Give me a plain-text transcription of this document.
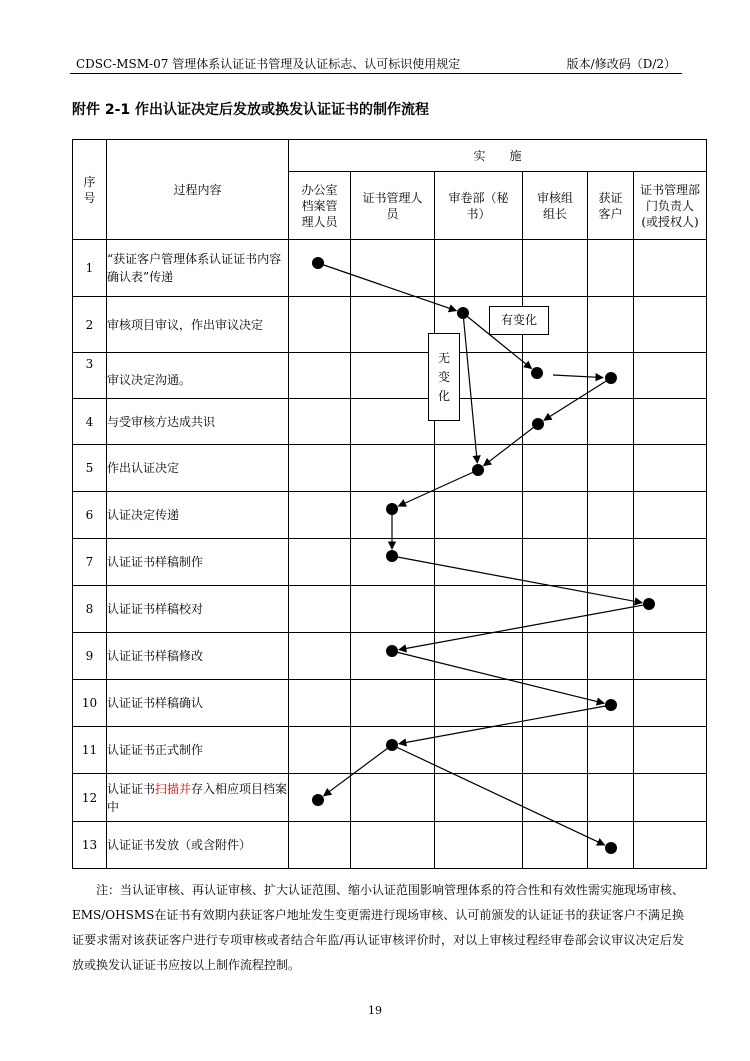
CDSC-MSM-07 管理体系认证证书管理及认证标志、认可标识使用规定	版本/修改码（D/2）
附件 2-1 作出认证决定后发放或换发认证证书的制作流程
序号	过程内容	实　　施					
		办公室档案管理人员	证书管理人员	审卷部（秘书）	审核组组长	获证客户	证书管理部门负责人(或授权人)
1	“获证客户管理体系认证证书内容确认表”传递						
2	审核项目审议，作出审议决定						
3	审议决定沟通。						
4	与受审核方达成共识						
5	作出认证决定						
6	认证决定传递						
7	认证证书样稿制作						
8	认证证书样稿校对						
9	认证证书样稿修改						
10	认证证书样稿确认						
11	认证证书正式制作						
12	认证证书扫描并存入相应项目档案中						
13	认证证书发放（或含附件）						
有变化
无
变
化
注：当认证审核、再认证审核、扩大认证范围、缩小认证范围影响管理体系的符合性和有效性需实施现场审核、EMS/OHSMS在证书有效期内获证客户地址发生变更需进行现场审核、认可前颁发的认证证书的获证客户不满足换证要求需对该获证客户进行专项审核或者结合年监/再认证审核评价时，对以上审核过程经审卷部会议审议决定后发放或换发认证证书应按以上制作流程控制。
19
